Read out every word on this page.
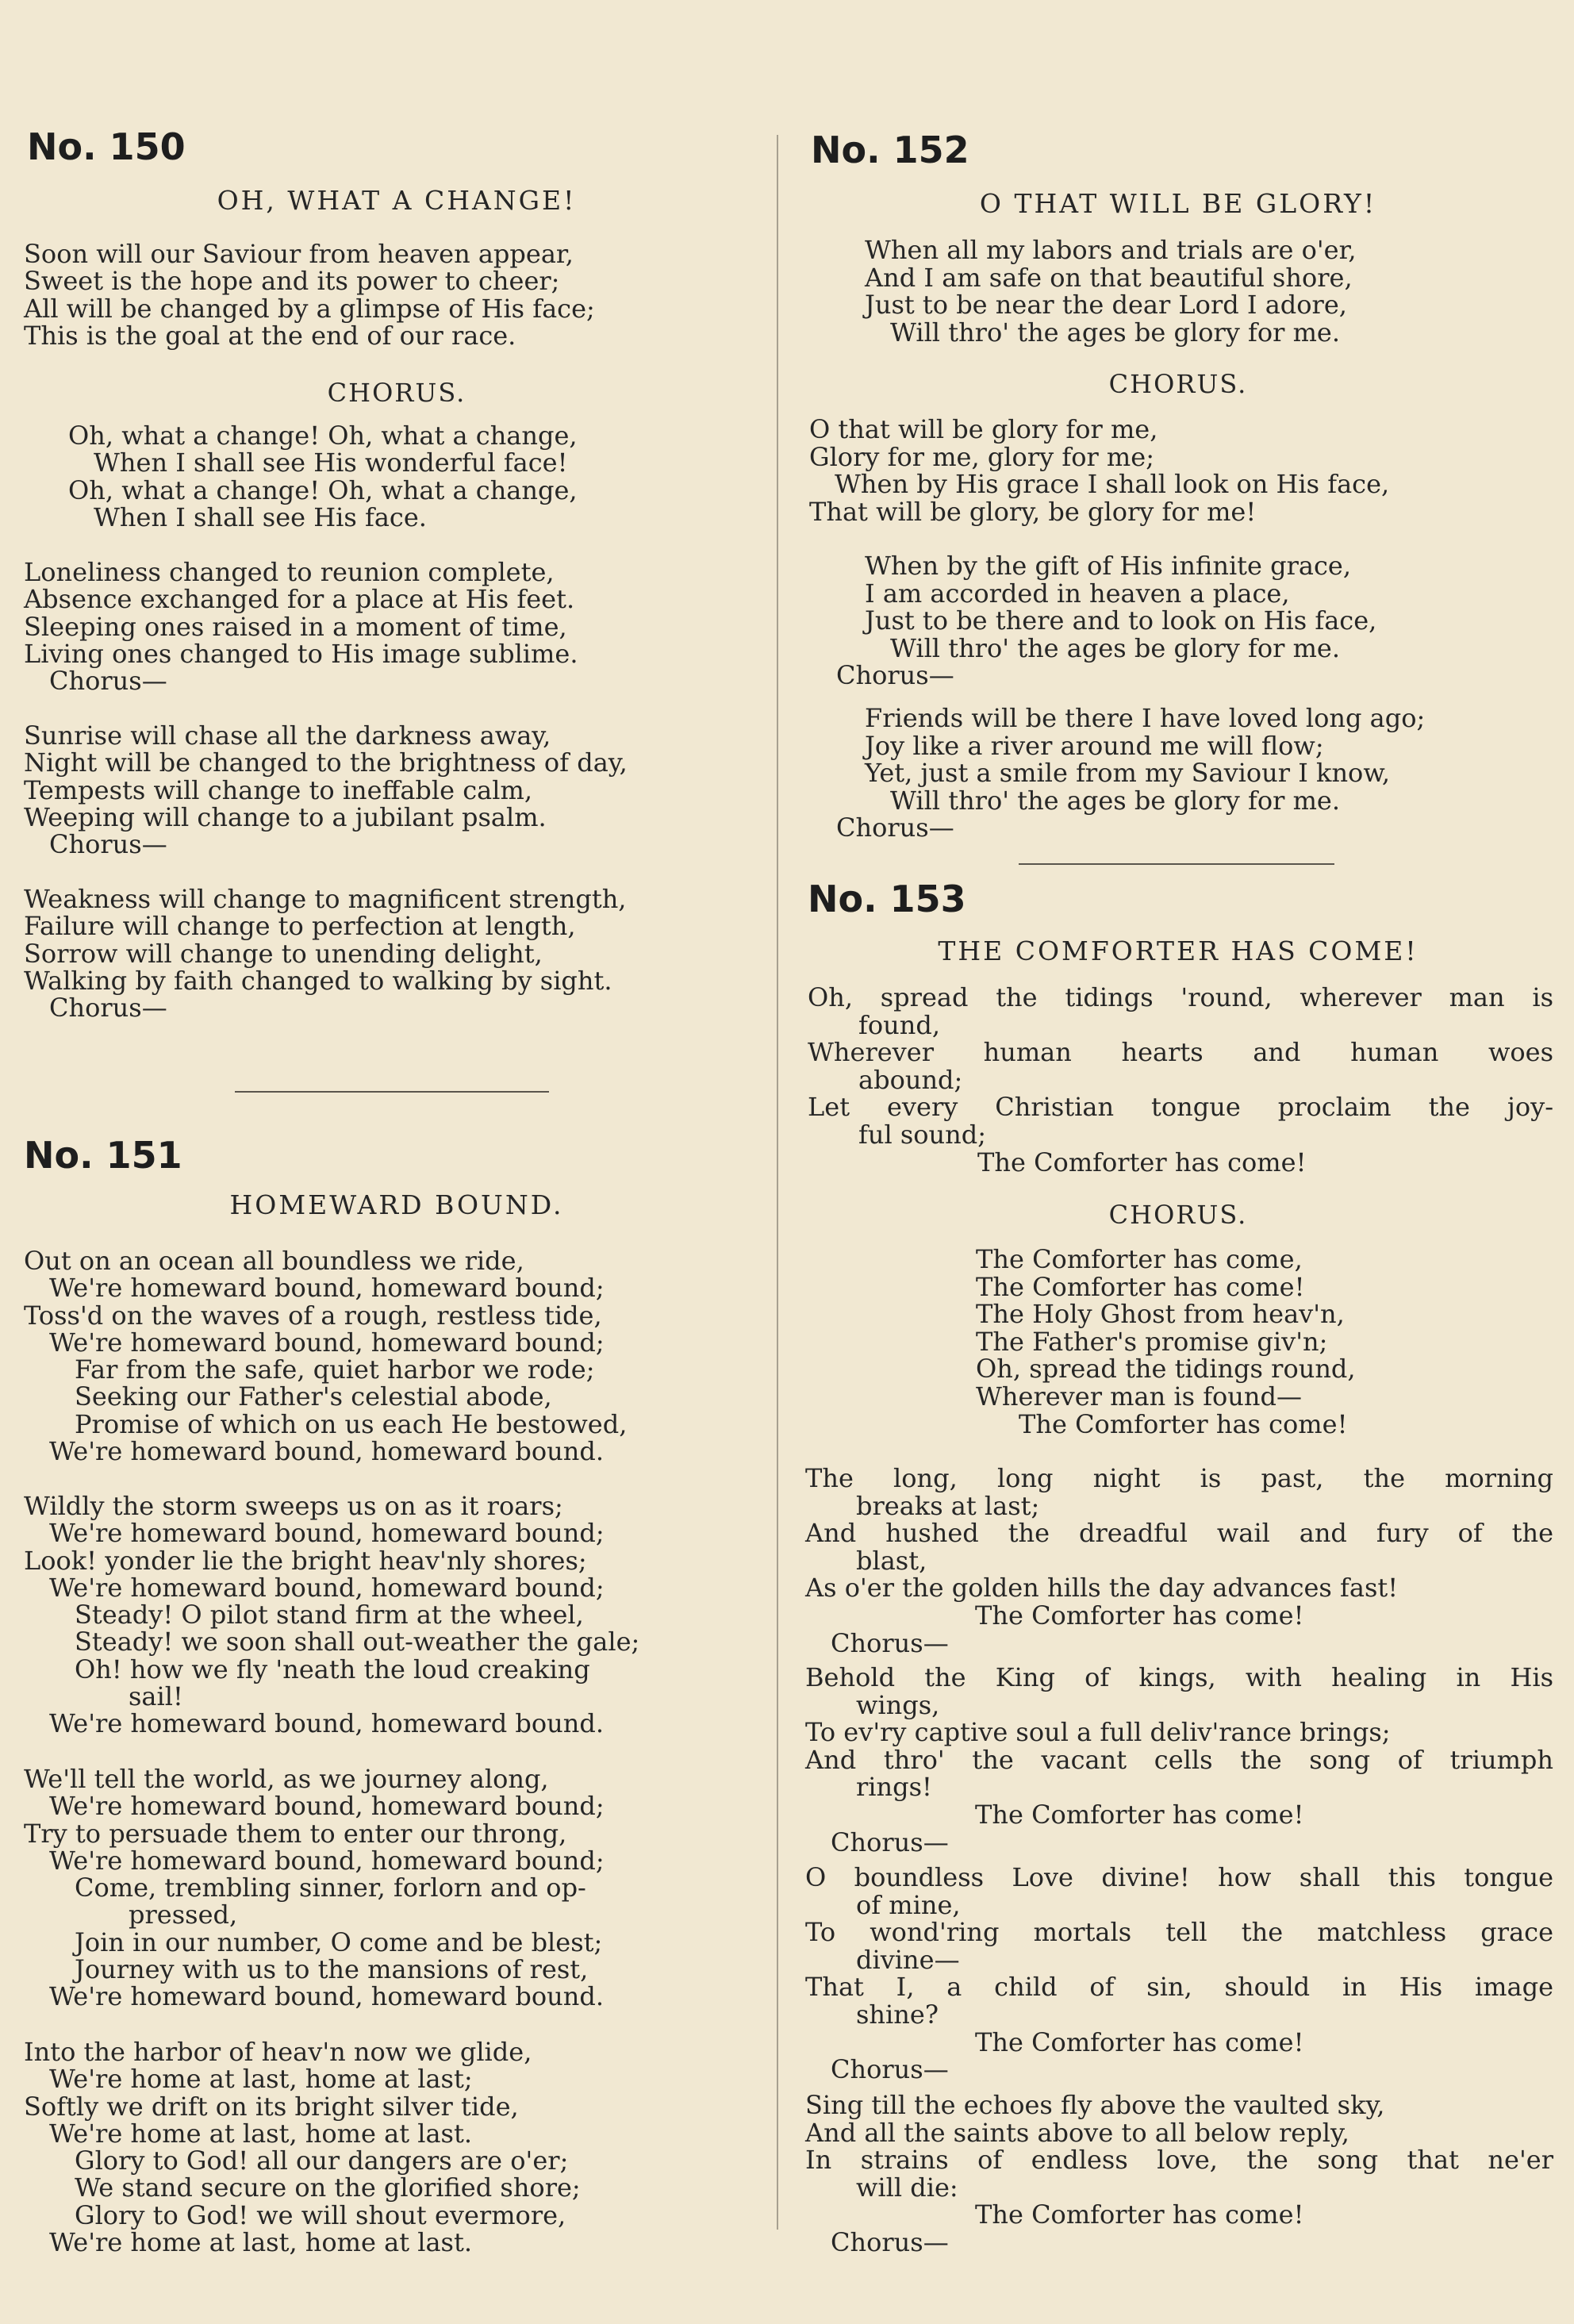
No. 150
OH, WHAT A CHANGE!
Soon will our Saviour from heaven appear,
Sweet is the hope and its power to cheer;
All will be changed by a glimpse of His face;
This is the goal at the end of our race.
CHORUS.
Oh, what a change! Oh, what a change,
When I shall see His wonderful face!
Oh, what a change! Oh, what a change,
When I shall see His face.
Loneliness changed to reunion complete,
Absence exchanged for a place at His feet.
Sleeping ones raised in a moment of time,
Living ones changed to His image sublime.
Chorus—
Sunrise will chase all the darkness away,
Night will be changed to the brightness of day,
Tempests will change to ineffable calm,
Weeping will change to a jubilant psalm.
Chorus—
Weakness will change to magnificent strength,
Failure will change to perfection at length,
Sorrow will change to unending delight,
Walking by faith changed to walking by sight.
Chorus—
No. 151
HOMEWARD BOUND.
Out on an ocean all boundless we ride,
We're homeward bound, homeward bound;
Toss'd on the waves of a rough, restless tide,
We're homeward bound, homeward bound;
Far from the safe, quiet harbor we rode;
Seeking our Father's celestial abode,
Promise of which on us each He bestowed,
We're homeward bound, homeward bound.
Wildly the storm sweeps us on as it roars;
We're homeward bound, homeward bound;
Look! yonder lie the bright heav'nly shores;
We're homeward bound, homeward bound;
Steady! O pilot stand firm at the wheel,
Steady! we soon shall out-weather the gale;
Oh! how we fly 'neath the loud creaking
sail!
We're homeward bound, homeward bound.
We'll tell the world, as we journey along,
We're homeward bound, homeward bound;
Try to persuade them to enter our throng,
We're homeward bound, homeward bound;
Come, trembling sinner, forlorn and op-
pressed,
Join in our number, O come and be blest;
Journey with us to the mansions of rest,
We're homeward bound, homeward bound.
Into the harbor of heav'n now we glide,
We're home at last, home at last;
Softly we drift on its bright silver tide,
We're home at last, home at last.
Glory to God! all our dangers are o'er;
We stand secure on the glorified shore;
Glory to God! we will shout evermore,
We're home at last, home at last.
No. 152
O THAT WILL BE GLORY!
When all my labors and trials are o'er,
And I am safe on that beautiful shore,
Just to be near the dear Lord I adore,
Will thro' the ages be glory for me.
CHORUS.
O that will be glory for me,
Glory for me, glory for me;
When by His grace I shall look on His face,
That will be glory, be glory for me!
When by the gift of His infinite grace,
I am accorded in heaven a place,
Just to be there and to look on His face,
Will thro' the ages be glory for me.
Chorus—
Friends will be there I have loved long ago;
Joy like a river around me will flow;
Yet, just a smile from my Saviour I know,
Will thro' the ages be glory for me.
Chorus—
No. 153
THE COMFORTER HAS COME!
Oh, spread the tidings 'round, wherever man is
found,
Wherever human hearts and human woes
abound;
Let every Christian tongue proclaim the joy-
ful sound;
The Comforter has come!
CHORUS.
The Comforter has come,
The Comforter has come!
The Holy Ghost from heav'n,
The Father's promise giv'n;
Oh, spread the tidings round,
Wherever man is found—
The Comforter has come!
The long, long night is past, the morning
breaks at last;
And hushed the dreadful wail and fury of the
blast,
As o'er the golden hills the day advances fast!
The Comforter has come!
Chorus—
Behold the King of kings, with healing in His
wings,
To ev'ry captive soul a full deliv'rance brings;
And thro' the vacant cells the song of triumph
rings!
The Comforter has come!
Chorus—
O boundless Love divine! how shall this tongue
of mine,
To wond'ring mortals tell the matchless grace
divine—
That I, a child of sin, should in His image
shine?
The Comforter has come!
Chorus—
Sing till the echoes fly above the vaulted sky,
And all the saints above to all below reply,
In strains of endless love, the song that ne'er
will die:
The Comforter has come!
Chorus—
